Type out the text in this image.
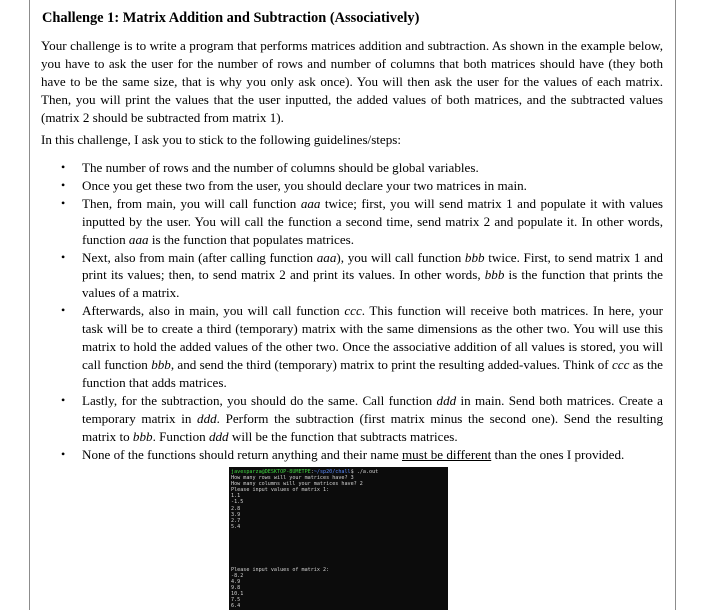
Challenge 1: Matrix Addition and Subtraction (Associatively)

Your challenge is to write a program that performs matrices addition and subtraction. As shown in the example below, you have to ask the user for the number of rows and number of columns that both matrices should have (they both have to be the same size, that is why you only ask once). You will then ask the user for the values of each matrix. Then, you will print the values that the user inputted, the added values of both matrices, and the subtracted values (matrix 2 should be subtracted from matrix 1).

In this challenge, I ask you to stick to the following guidelines/steps:

• The number of rows and the number of columns should be global variables.
• Once you get these two from the user, you should declare your two matrices in main.
• Then, from main, you will call function aaa twice; first, you will send matrix 1 and populate it with values inputted by the user. You will call the function a second time, send matrix 2 and populate it. In other words, function aaa is the function that populates matrices.
• Next, also from main (after calling function aaa), you will call function bbb twice. First, to send matrix 1 and print its values; then, to send matrix 2 and print its values. In other words, bbb is the function that prints the values of a matrix.
• Afterwards, also in main, you will call function ccc. This function will receive both matrices. In here, your task will be to create a third (temporary) matrix with the same dimensions as the other two. You will use this matrix to hold the added values of the other two. Once the associative addition of all values is stored, you will call function bbb, and send the third (temporary) matrix to print the resulting added-values. Think of ccc as the function that adds matrices.
• Lastly, for the subtraction, you should do the same. Call function ddd in main. Send both matrices. Create a temporary matrix in ddd. Perform the subtraction (first matrix minus the second one). Send the resulting matrix to bbb. Function ddd will be the function that subtracts matrices.
• None of the functions should return anything and their name must be different than the ones I provided.
javesparza@DESKTOP-8UMETPE:~/sp20/chall$ ./a.out
How many rows will your matrices have? 3
How many columns will your matrices have? 2
Please input values of matrix 1:
1.1
-1.5
2.8
3.9
2.7
5.4
Please input values of matrix 2:
-8.2
4.9
9.8
10.1
7.5
6.4
